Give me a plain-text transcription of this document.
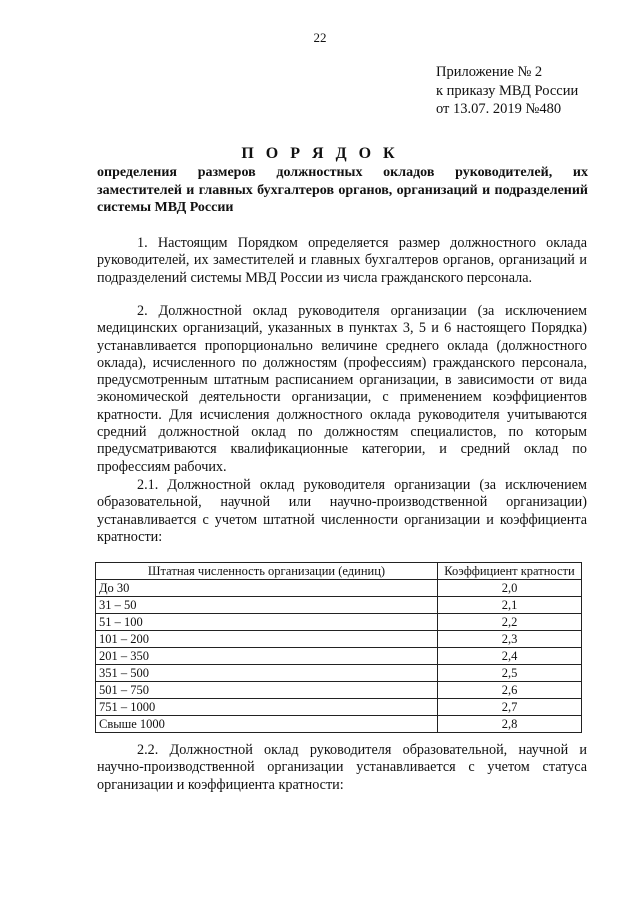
22
Приложение № 2
к приказу МВД России
от 13.07. 2019 №480
П О Р Я Д О К
определения размеров должностных окладов руководителей, их заместителей и главных бухгалтеров органов, организаций и подразделений системы МВД России

1. Настоящим Порядком определяется размер должностного оклада руководителей, их заместителей и главных бухгалтеров органов, организаций и подразделений системы МВД России из числа гражданского персонала.

2. Должностной оклад руководителя организации (за исключением медицинских организаций, указанных в пунктах 3, 5 и 6 настоящего Порядка) устанавливается пропорционально величине среднего оклада (должностного оклада), исчисленного по должностям (профессиям) гражданского персонала, предусмотренным штатным расписанием организации, в зависимости от вида экономической деятельности организации, с применением коэффициентов кратности. Для исчисления должностного оклада руководителя учитываются средний должностной оклад по должностям специалистов, по которым предусматриваются квалификационные категории, и средний оклад по профессиям рабочих.

2.1. Должностной оклад руководителя организации (за исключением образовательной, научной или научно-производственной организации) устанавливается с учетом штатной численности организации и коэффициента кратности:

Штатная численность организации (единиц)	Коэффициент кратности
До 30	2,0
31 – 50	2,1
51 – 100	2,2
101 – 200	2,3
201 – 350	2,4
351 – 500	2,5
501 – 750	2,6
751 – 1000	2,7
Свыше 1000	2,8

2.2. Должностной оклад руководителя образовательной, научной и научно-производственной организации устанавливается с учетом статуса организации и коэффициента кратности:
